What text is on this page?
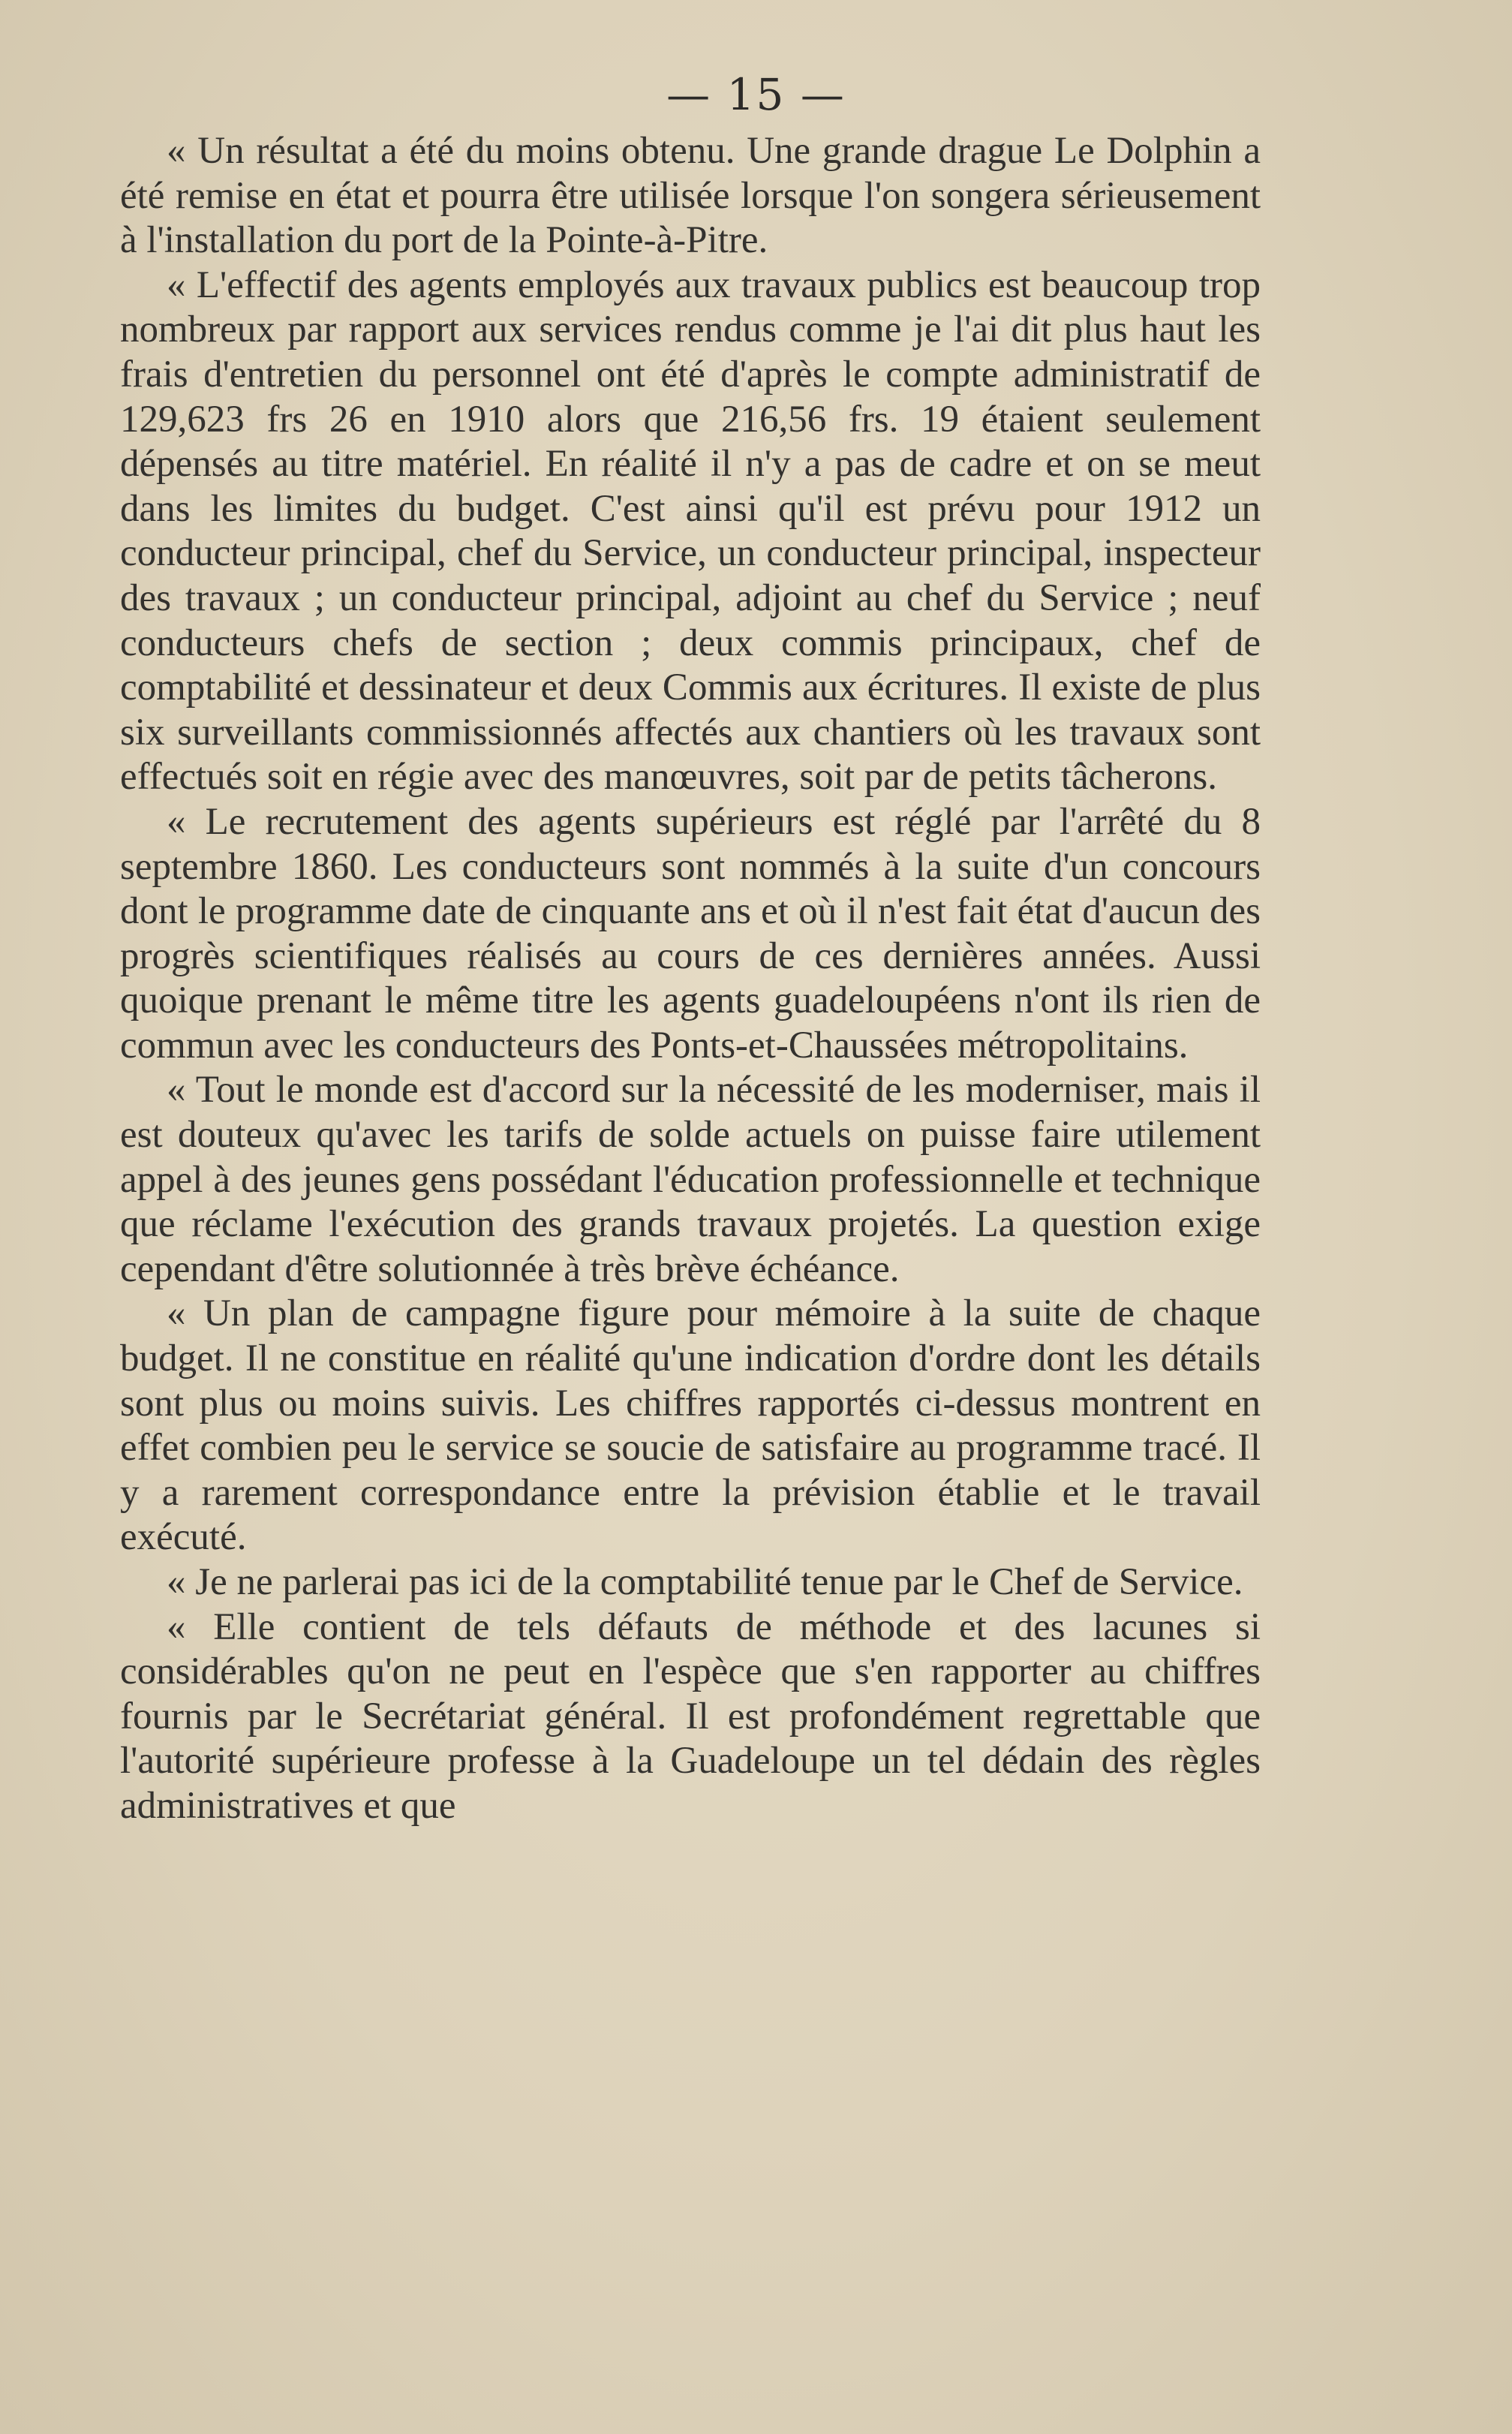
— 15 —

« Un résultat a été du moins obtenu. Une grande drague Le Dolphin a été remise en état et pourra être utilisée lorsque l'on songera sérieusement à l'installation du port de la Pointe-à-Pitre.

« L'effectif des agents employés aux travaux publics est beaucoup trop nombreux par rapport aux services rendus comme je l'ai dit plus haut les frais d'entretien du personnel ont été d'après le compte administratif de 129,623 frs 26 en 1910 alors que 216,56 frs. 19 étaient seulement dépensés au titre matériel. En réalité il n'y a pas de cadre et on se meut dans les limites du budget. C'est ainsi qu'il est prévu pour 1912 un conducteur principal, chef du Service, un conducteur principal, inspecteur des travaux ; un conducteur principal, adjoint au chef du Service ; neuf conducteurs chefs de section ; deux commis principaux, chef de comptabilité et dessinateur et deux Commis aux écritures. Il existe de plus six surveillants commissionnés affectés aux chantiers où les travaux sont effectués soit en régie avec des manœuvres, soit par de petits tâcherons.

« Le recrutement des agents supérieurs est réglé par l'arrêté du 8 septembre 1860. Les conducteurs sont nommés à la suite d'un concours dont le programme date de cinquante ans et où il n'est fait état d'aucun des progrès scientifiques réalisés au cours de ces dernières années. Aussi quoique prenant le même titre les agents guadeloupéens n'ont ils rien de commun avec les conducteurs des Ponts-et-Chaussées métropolitains.

« Tout le monde est d'accord sur la nécessité de les moderniser, mais il est douteux qu'avec les tarifs de solde actuels on puisse faire utilement appel à des jeunes gens possédant l'éducation professionnelle et technique que réclame l'exécution des grands travaux projetés. La question exige cependant d'être solutionnée à très brève échéance.

« Un plan de campagne figure pour mémoire à la suite de chaque budget. Il ne constitue en réalité qu'une indication d'ordre dont les détails sont plus ou moins suivis. Les chiffres rapportés ci-dessus montrent en effet combien peu le service se soucie de satisfaire au programme tracé. Il y a rarement correspondance entre la prévision établie et le travail exécuté.

« Je ne parlerai pas ici de la comptabilité tenue par le Chef de Service.

« Elle contient de tels défauts de méthode et des lacunes si considérables qu'on ne peut en l'espèce que s'en rapporter au chiffres fournis par le Secrétariat général. Il est profondément regrettable que l'autorité supérieure professe à la Guadeloupe un tel dédain des règles administratives et que
